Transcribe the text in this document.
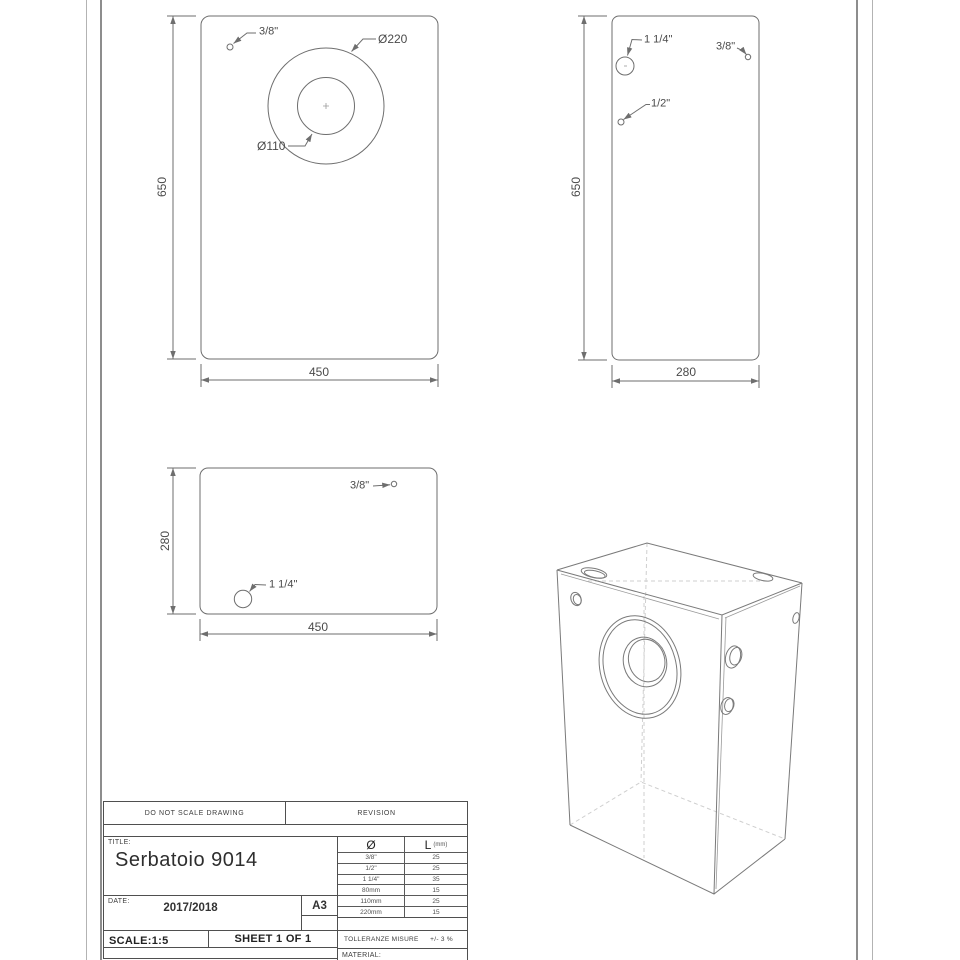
3/8"
Ø220
Ø110
650
450
1 1/4"
3/8"
1/2"
650
280
3/8"
1 1/4"
280
450
DO NOT SCALE DRAWING	REVISION
TITLE:
Serbatoio 9014
DATE:
2017/2018	A3
SCALE:1:5	SHEET 1 OF 1
Ø	L (mm)
3/8"	25
1/2"	25
1 1/4"	35
80mm	15
110mm	25
220mm	15
TOLLERANZE MISURE +/- 3 %
MATERIAL:
